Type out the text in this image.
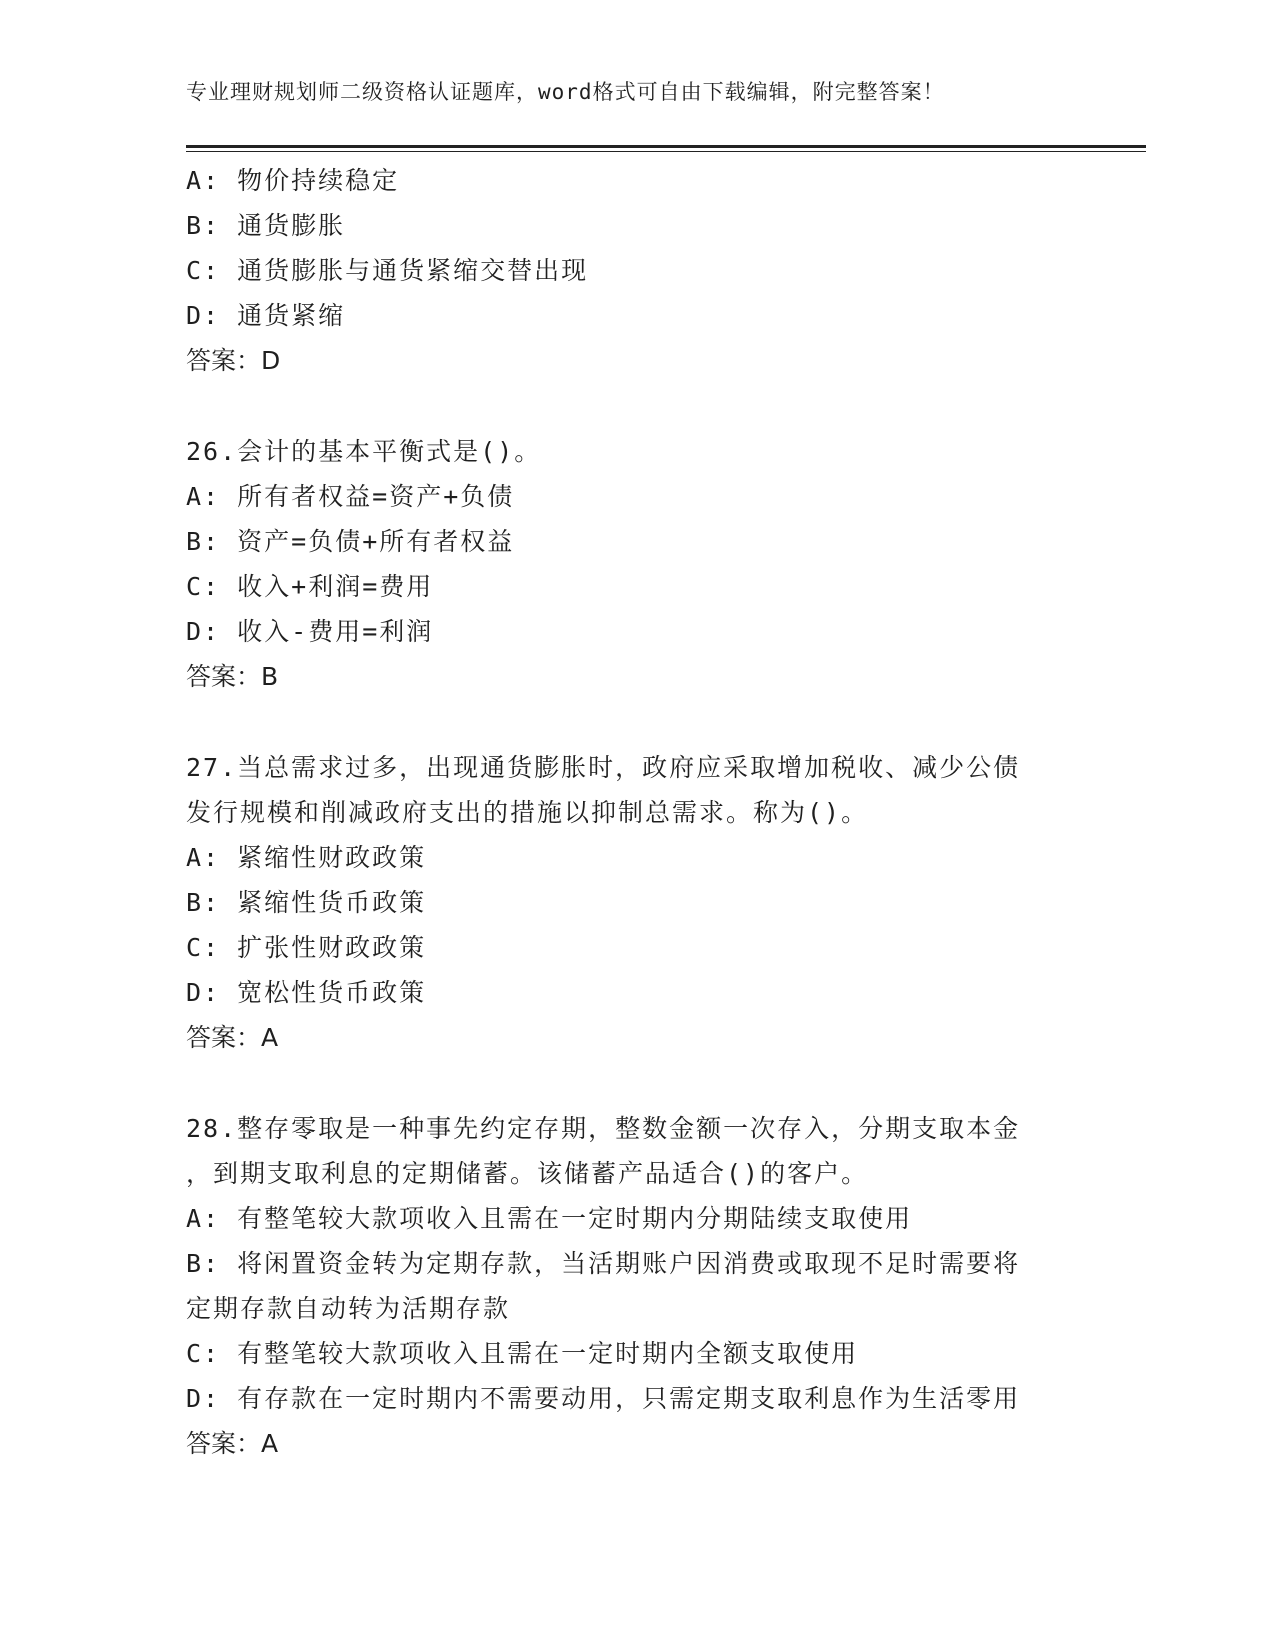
专业理财规划师二级资格认证题库，word格式可自由下载编辑，附完整答案！
A: 物价持续稳定
B: 通货膨胀
C: 通货膨胀与通货紧缩交替出现
D: 通货紧缩
答案：D
26.会计的基本平衡式是()。
A: 所有者权益=资产+负债
B: 资产=负债+所有者权益
C: 收入+利润=费用
D: 收入-费用=利润
答案：B
27.当总需求过多，出现通货膨胀时，政府应采取增加税收、减少公债
发行规模和削减政府支出的措施以抑制总需求。称为()。
A: 紧缩性财政政策
B: 紧缩性货币政策
C: 扩张性财政政策
D: 宽松性货币政策
答案：A
28.整存零取是一种事先约定存期，整数金额一次存入，分期支取本金
，到期支取利息的定期储蓄。该储蓄产品适合()的客户。
A: 有整笔较大款项收入且需在一定时期内分期陆续支取使用
B: 将闲置资金转为定期存款，当活期账户因消费或取现不足时需要将
定期存款自动转为活期存款
C: 有整笔较大款项收入且需在一定时期内全额支取使用
D: 有存款在一定时期内不需要动用，只需定期支取利息作为生活零用
答案：A
